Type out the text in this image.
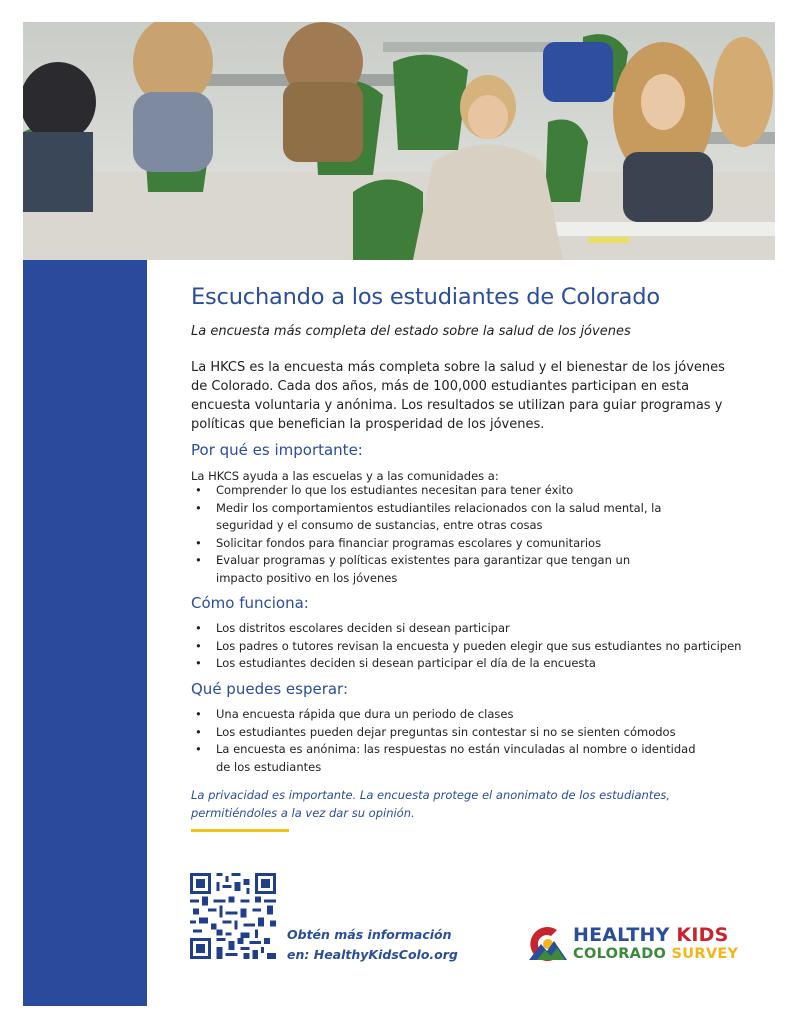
Escuchando a los estudiantes de Colorado

La encuesta más completa del estado sobre la salud de los jóvenes

La HKCS es la encuesta más completa sobre la salud y el bienestar de los jóvenes de Colorado. Cada dos años, más de 100,000 estudiantes participan en esta encuesta voluntaria y anónima. Los resultados se utilizan para guiar programas y políticas que benefician la prosperidad de los jóvenes.

Por qué es importante:

La HKCS ayuda a las escuelas y a las comunidades a:

• Comprender lo que los estudiantes necesitan para tener éxito
• Medir los comportamientos estudiantiles relacionados con la salud mental, la seguridad y el consumo de sustancias, entre otras cosas
• Solicitar fondos para financiar programas escolares y comunitarios
• Evaluar programas y políticas existentes para garantizar que tengan un impacto positivo en los jóvenes
Cómo funciona:
• Los distritos escolares deciden si desean participar
• Los padres o tutores revisan la encuesta y pueden elegir que sus estudiantes no participen
• Los estudiantes deciden si desean participar el día de la encuesta
Qué puedes esperar:
• Una encuesta rápida que dura un periodo de clases
• Los estudiantes pueden dejar preguntas sin contestar si no se sienten cómodos
• La encuesta es anónima: las respuestas no están vinculadas al nombre o identidad de los estudiantes

La privacidad es importante. La encuesta protege el anonimato de los estudiantes, permitiéndoles a la vez dar su opinión.

Obtén más información
en: HealthyKidsColo.org

HEALTHY KIDS
COLORADO SURVEY
